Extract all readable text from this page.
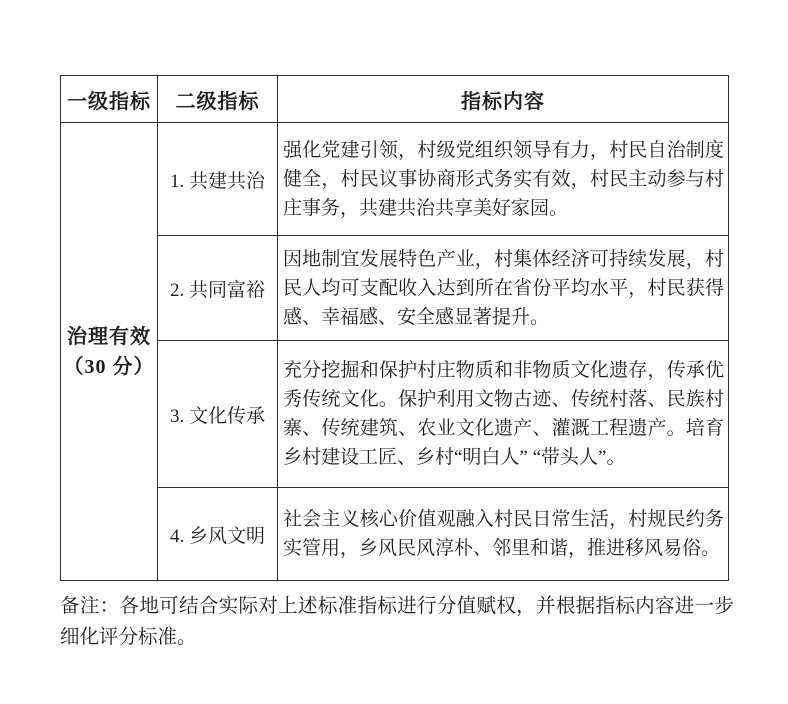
一级指标	二级指标	指标内容

治理有效
（30 分）	1. 共建共治	强化党建引领，村级党组织领导有力，村民自治制度健全，村民议事协商形式务实有效，村民主动参与村庄事务，共建共治共享美好家园。
	2. 共同富裕	因地制宜发展特色产业，村集体经济可持续发展，村民人均可支配收入达到所在省份平均水平，村民获得感、幸福感、安全感显著提升。
	3. 文化传承	充分挖掘和保护村庄物质和非物质文化遗存，传承优秀传统文化。保护利用文物古迹、传统村落、民族村寨、传统建筑、农业文化遗产、灌溉工程遗产。培育乡村建设工匠、乡村“明白人” “带头人”。
	4. 乡风文明	社会主义核心价值观融入村民日常生活，村规民约务实管用，乡风民风淳朴、邻里和谐，推进移风易俗。
备注：各地可结合实际对上述标准指标进行分值赋权，并根据指标内容进一步细化评分标准。
